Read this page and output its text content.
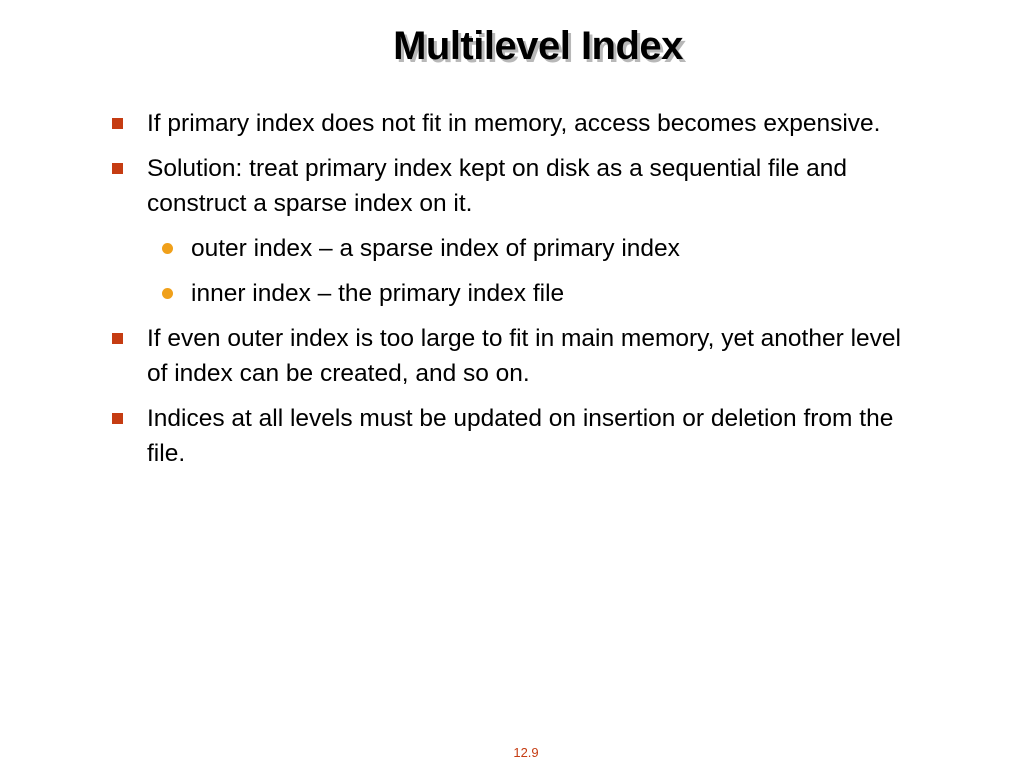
Multilevel Index
If primary index does not fit in memory, access becomes expensive.
Solution: treat primary index kept on disk as a sequential file and construct a sparse index on it.
outer index – a sparse index of primary index
inner index – the primary index file
If even outer index is too large to fit in main memory, yet another level of index can be created, and so on.
Indices at all levels must be updated on insertion or deletion from the file.
12.9
